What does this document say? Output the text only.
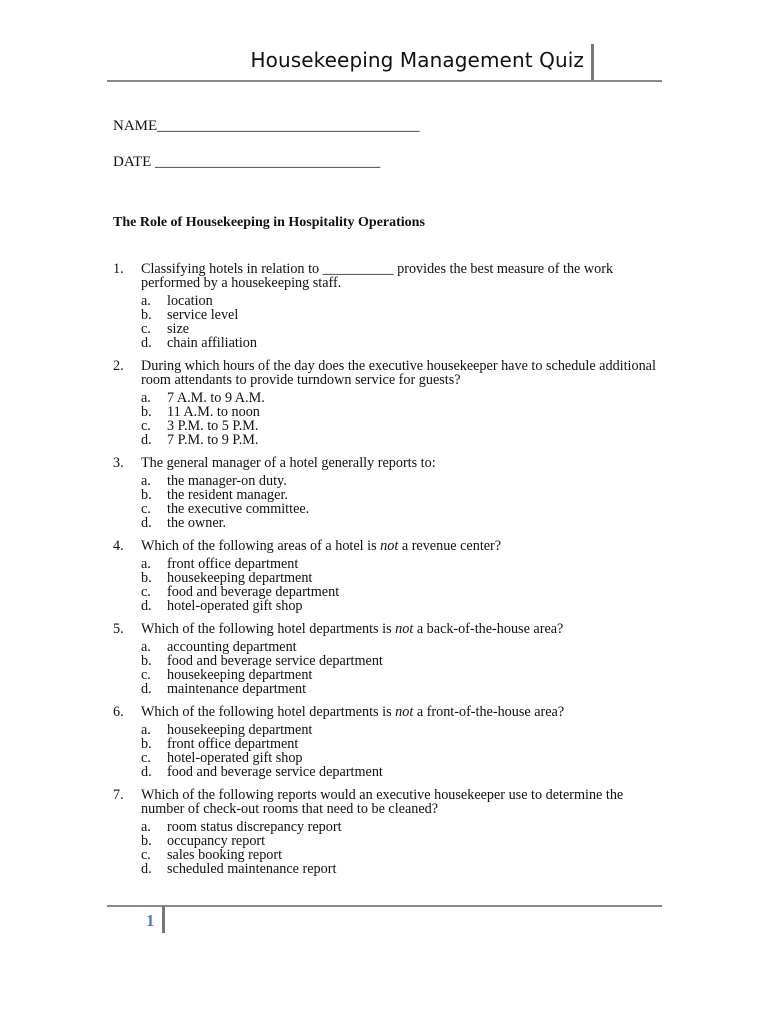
Housekeeping Management Quiz
NAME___________________________________
DATE ______________________________
The Role of Housekeeping in Hospitality Operations
1.	Classifying hotels in relation to __________ provides the best measure of the work performed by a housekeeping staff.
a.	location
b.	service level
c.	size
d.	chain affiliation
2.	During which hours of the day does the executive housekeeper have to schedule additional room attendants to provide turndown service for guests?
a.	7 A.M. to 9 A.M.
b.	11 A.M. to noon
c.	3 P.M. to 5 P.M.
d.	7 P.M. to 9 P.M.
3.	The general manager of a hotel generally reports to:
a.	the manager-on duty.
b.	the resident manager.
c.	the executive committee.
d.	the owner.
4.	Which of the following areas of a hotel is not a revenue center?
a.	front office department
b.	housekeeping department
c.	food and beverage department
d.	hotel-operated gift shop
5.	Which of the following hotel departments is not a back-of-the-house area?
a.	accounting department
b.	food and beverage service department
c.	housekeeping department
d.	maintenance department
6.	Which of the following hotel departments is not a front-of-the-house area?
a.	housekeeping department
b.	front office department
c.	hotel-operated gift shop
d.	food and beverage service department
7.	Which of the following reports would an executive housekeeper use to determine the number of check-out rooms that need to be cleaned?
a.	room status discrepancy report
b.	occupancy report
c.	sales booking report
d.	scheduled maintenance report
1
